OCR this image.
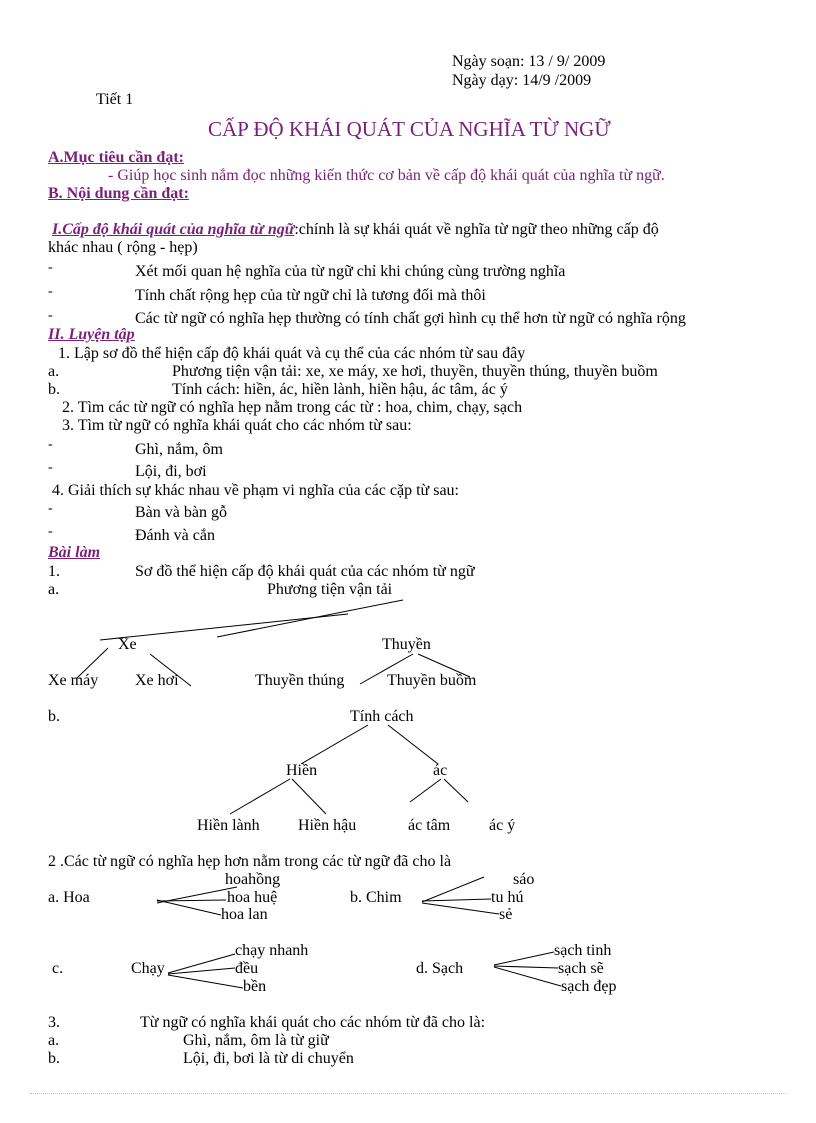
Ngày soạn: 13 / 9/ 2009
Ngày dạy: 14/9 /2009
Tiết 1
CẤP ĐỘ KHÁI QUÁT CỦA NGHĨA TỪ NGỮ
A.Mục tiêu cần đạt:
- Giúp học sinh nắm đọc những kiến thức cơ bản về cấp độ khái quát của nghĩa từ ngữ.
B. Nội dung cần đạt:
I.Cấp độ khái quát của nghĩa từ ngữ:chính là sự khái quát về nghĩa từ ngữ theo những cấp độ
khác nhau ( rộng - hẹp)
-	Xét mối quan hệ nghĩa của từ ngữ chỉ khi chúng cùng trường nghĩa
-	Tính chất rộng hẹp của từ ngữ chỉ là tương đối mà thôi
-	Các từ ngữ có nghĩa hẹp thường có tính chất gợi hình cụ thể hơn từ ngữ có nghĩa rộng
II. Luyện tập
1. Lập sơ đồ thể hiện cấp độ khái quát và cụ thể của các nhóm từ sau đây
a.	Phương tiện vận tải: xe, xe máy, xe hơi, thuyền, thuyền thúng, thuyền buồm
b.	Tính cách: hiền, ác, hiền lành, hiền hậu, ác tâm, ác ý
2. Tìm các từ ngữ có nghĩa hẹp nằm trong các từ : hoa, chim, chạy, sạch
3. Tìm từ ngữ có nghĩa khái quát cho các nhóm từ sau:
-	Ghì, nắm, ôm
-	Lội, đi, bơi
4. Giải thích sự khác nhau về phạm vi nghĩa của các cặp từ sau:
-	Bàn và bàn gỗ
-	Đánh và cắn
Bài làm
1.	Sơ đồ thể hiện cấp độ khái quát của các nhóm từ ngữ
a.	Phương tiện vận tải
Xe	Thuyền
Xe máy Xe hơi	Thuyền thúng	Thuyền buồm
b.	Tính cách
Hiền	ác
Hiền lành Hiền hậu	ác tâm ác ý
2 .Các từ ngữ có nghĩa hẹp hơn nằm trong các từ ngữ đã cho là
a. Hoa
hoahồng
hoa huệ
hoa lan
b. Chim
sáo
tu hú
sẻ
c.	Chạy
chạy nhanh
đều
bền
d. Sạch
sạch tinh
sạch sẽ
sạch đẹp
3.	Từ ngữ có nghĩa khái quát cho các nhóm từ đã cho là:
a.	Ghì, nắm, ôm là từ giữ
b.	Lội, đi, bơi là từ di chuyển
